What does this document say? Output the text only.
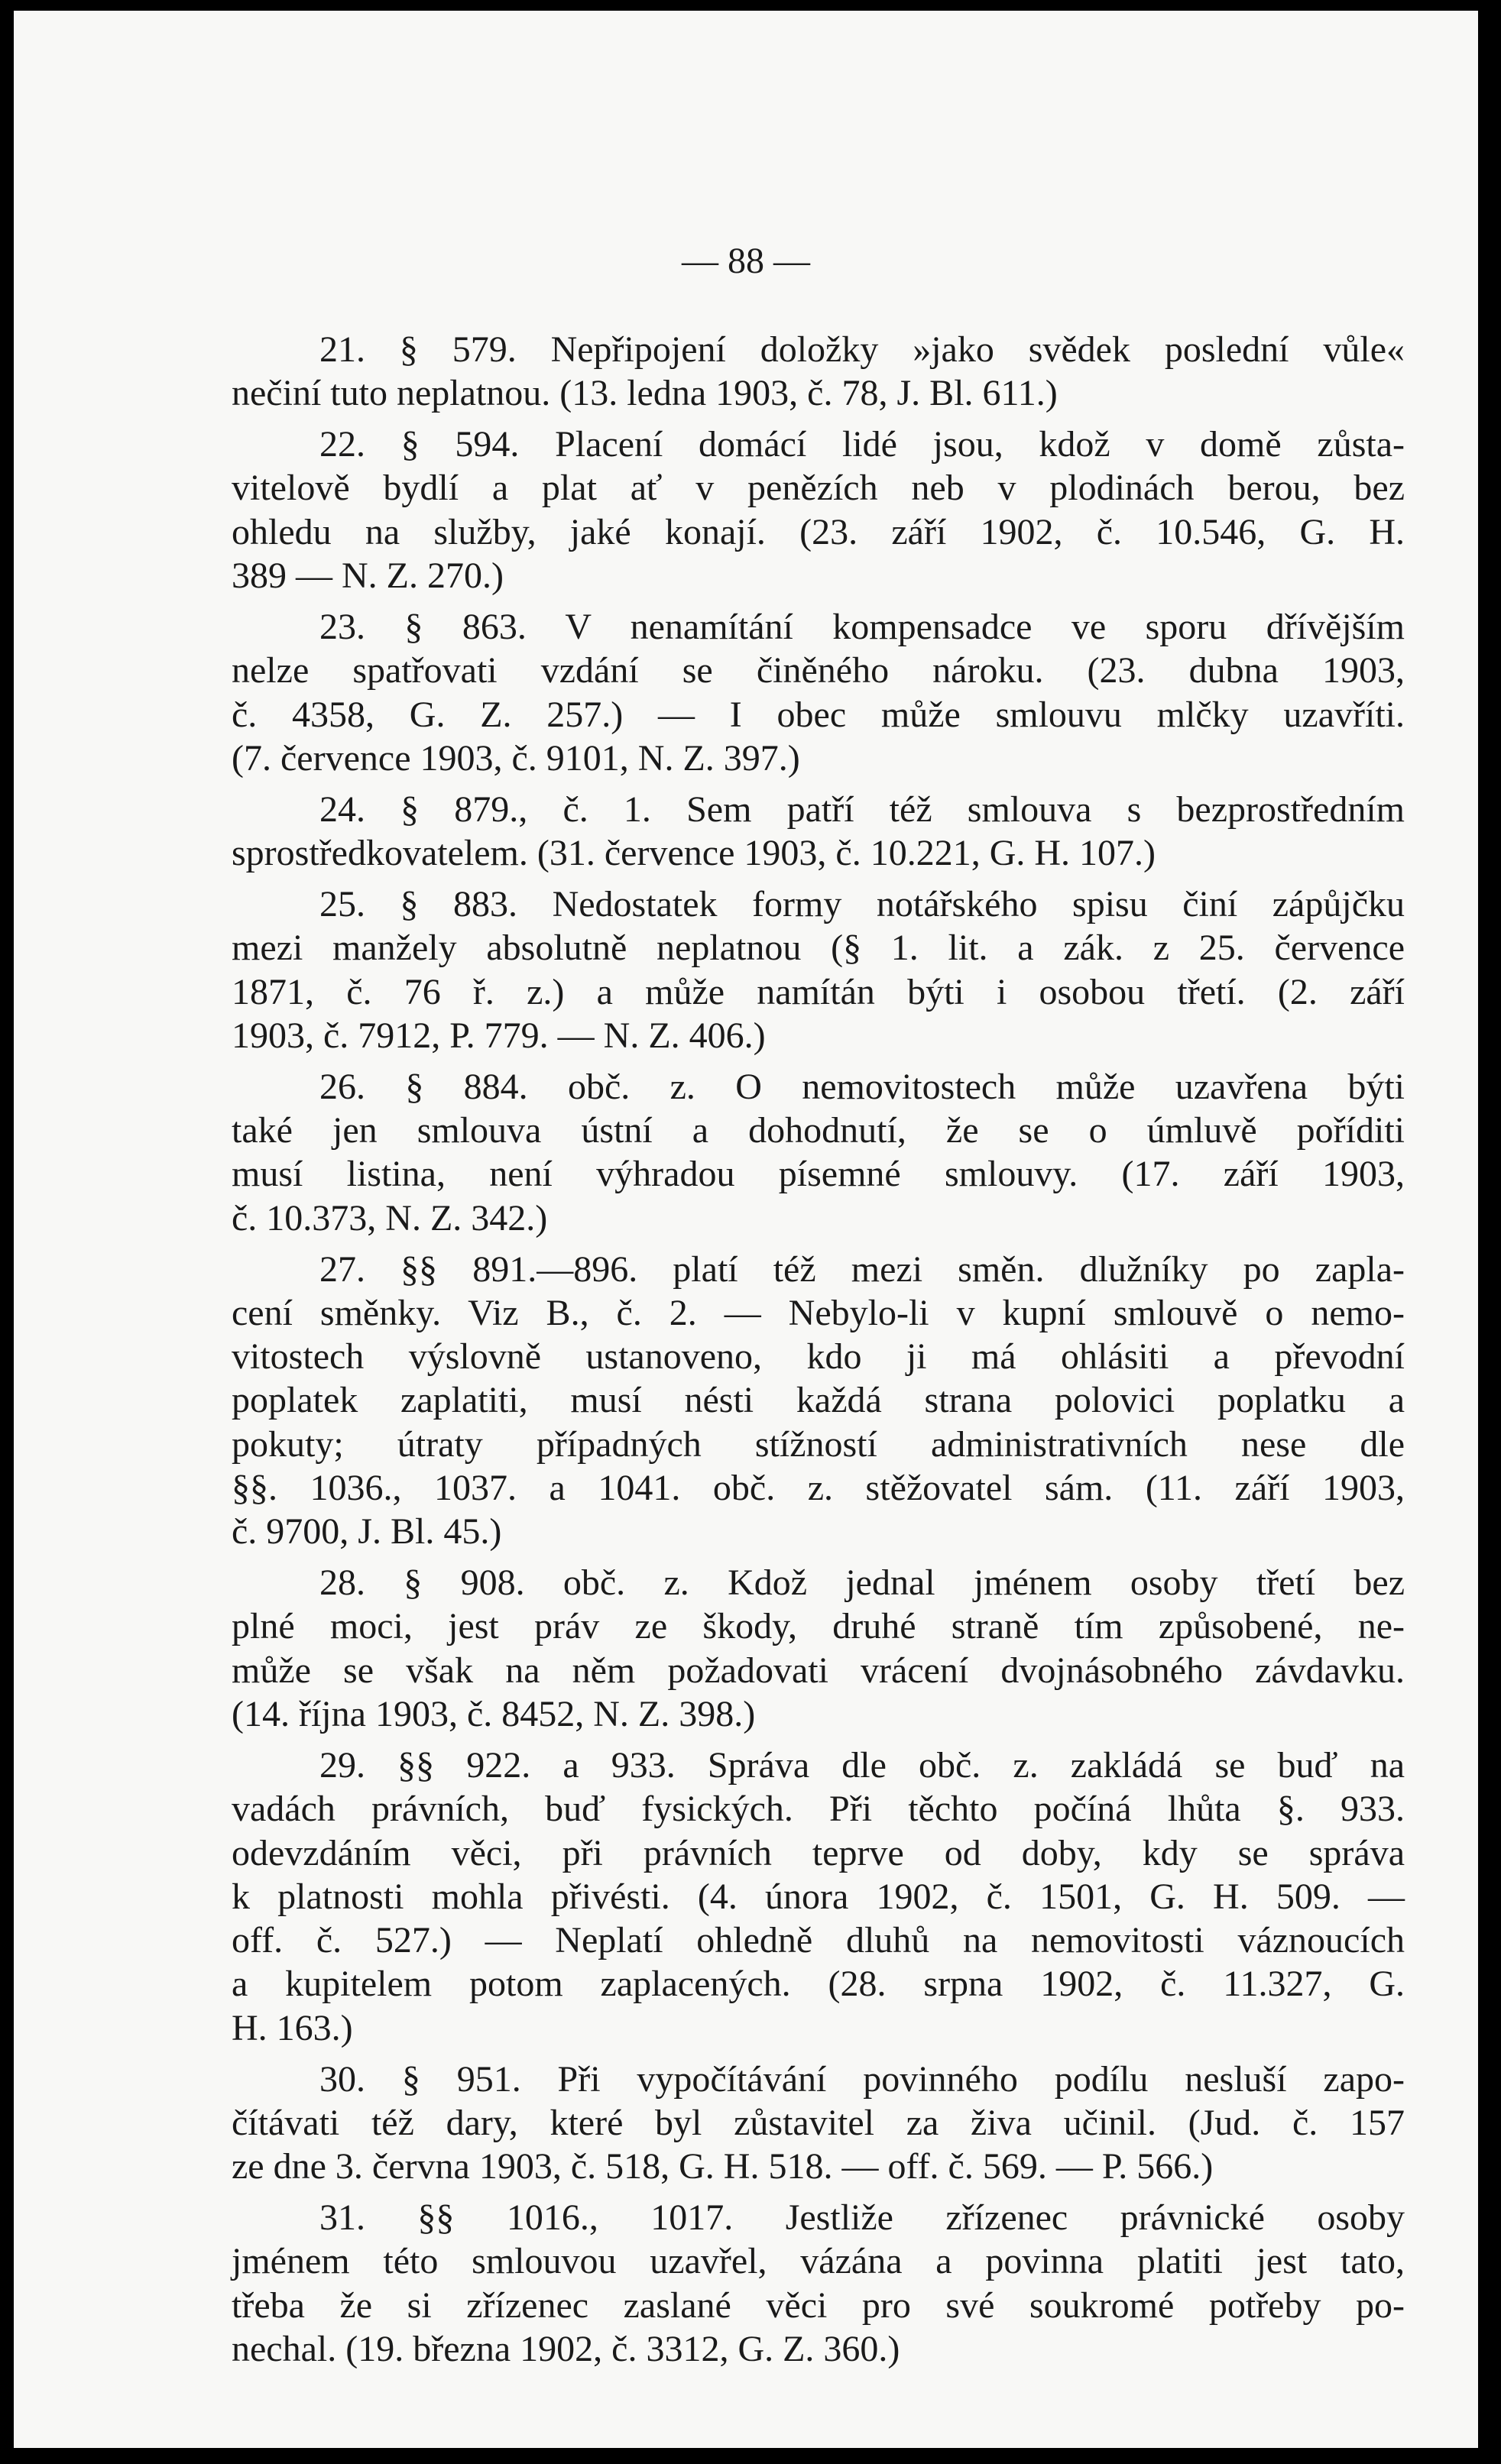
— 88 —
21. § 579. Nepřipojení doložky »jako svědek poslední vůle«
nečiní tuto neplatnou. (13. ledna 1903, č. 78, J. Bl. 611.)
22. § 594. Placení domácí lidé jsou, kdož v domě zůsta-
vitelově bydlí a plat ať v penězích neb v plodinách berou, bez
ohledu na služby, jaké konají. (23. září 1902, č. 10.546, G. H.
389 — N. Z. 270.)
23. § 863. V nenamítání kompensadce ve sporu dřívějším
nelze spatřovati vzdání se činěného nároku. (23. dubna 1903,
č. 4358, G. Z. 257.) — I obec může smlouvu mlčky uzavříti.
(7. července 1903, č. 9101, N. Z. 397.)
24. § 879., č. 1. Sem patří též smlouva s bezprostředním
sprostředkovatelem. (31. července 1903, č. 10.221, G. H. 107.)
25. § 883. Nedostatek formy notářského spisu činí zápůjčku
mezi manžely absolutně neplatnou (§ 1. lit. a zák. z 25. července
1871, č. 76 ř. z.) a může namítán býti i osobou třetí. (2. září
1903, č. 7912, P. 779. — N. Z. 406.)
26. § 884. obč. z. O nemovitostech může uzavřena býti
také jen smlouva ústní a dohodnutí, že se o úmluvě poříditi
musí listina, není výhradou písemné smlouvy. (17. září 1903,
č. 10.373, N. Z. 342.)
27. §§ 891.—896. platí též mezi směn. dlužníky po zapla-
cení směnky. Viz B., č. 2. — Nebylo-li v kupní smlouvě o nemo-
vitostech výslovně ustanoveno, kdo ji má ohlásiti a převodní
poplatek zaplatiti, musí nésti každá strana polovici poplatku a
pokuty; útraty případných stížností administrativních nese dle
§§. 1036., 1037. a 1041. obč. z. stěžovatel sám. (11. září 1903,
č. 9700, J. Bl. 45.)
28. § 908. obč. z. Kdož jednal jménem osoby třetí bez
plné moci, jest práv ze škody, druhé straně tím způsobené, ne-
může se však na něm požadovati vrácení dvojnásobného závdavku.
(14. října 1903, č. 8452, N. Z. 398.)
29. §§ 922. a 933. Správa dle obč. z. zakládá se buď na
vadách právních, buď fysických. Při těchto počíná lhůta §. 933.
odevzdáním věci, při právních teprve od doby, kdy se správa
k platnosti mohla přivésti. (4. února 1902, č. 1501, G. H. 509. —
off. č. 527.) — Neplatí ohledně dluhů na nemovitosti váznoucích
a kupitelem potom zaplacených. (28. srpna 1902, č. 11.327, G.
H. 163.)
30. § 951. Při vypočítávání povinného podílu nesluší zapo-
čítávati též dary, které byl zůstavitel za živa učinil. (Jud. č. 157
ze dne 3. června 1903, č. 518, G. H. 518. — off. č. 569. — P. 566.)
31. §§ 1016., 1017. Jestliže zřízenec právnické osoby
jménem této smlouvou uzavřel, vázána a povinna platiti jest tato,
třeba že si zřízenec zaslané věci pro své soukromé potřeby po-
nechal. (19. března 1902, č. 3312, G. Z. 360.)
